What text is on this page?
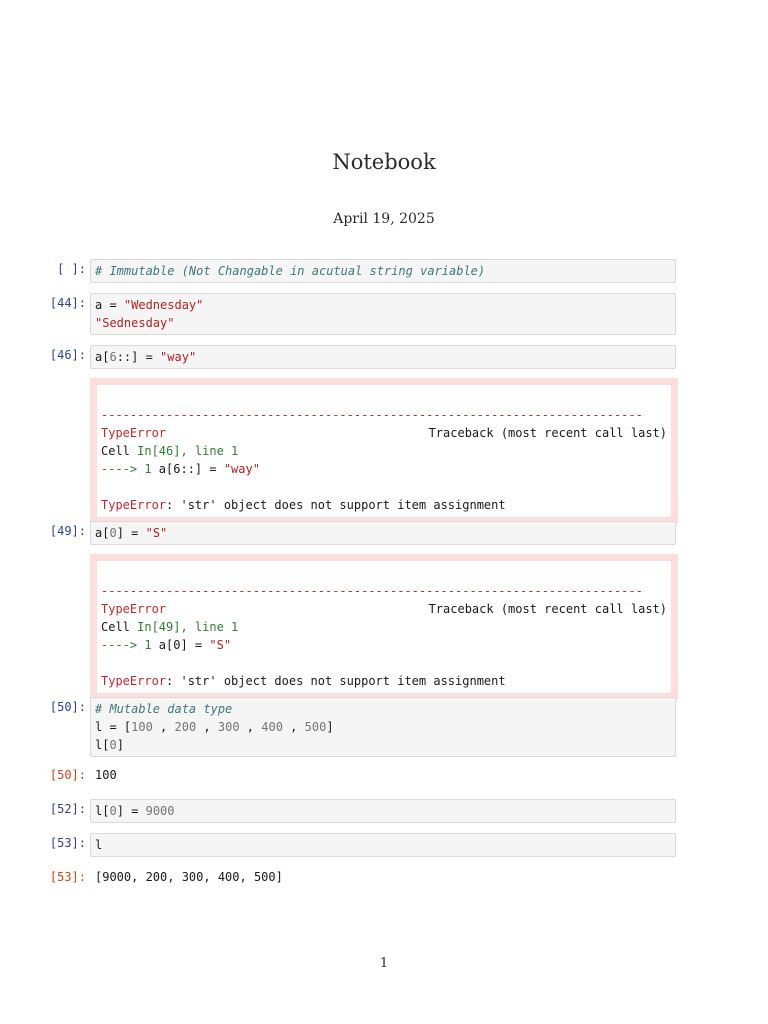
Notebook
April 19, 2025
[ ]: # Immutable (Not Changable in acutual string variable)
[44]: a = "Wednesday"
"Sednesday"
[46]: a[6::] = "way"

---------------------------------------------------------------------------
TypeError	Traceback (most recent call last)
Cell In[46], line 1
----> 1 a[6::] = "way"
TypeError: 'str' object does not support item assignment
[49]: a[0] = "S"

---------------------------------------------------------------------------
TypeError	Traceback (most recent call last)
Cell In[49], line 1
----> 1 a[0] = "S"
TypeError: 'str' object does not support item assignment
[50]: # Mutable data type
l = [100 , 200 , 300 , 400 , 500]
l[0]
[50]: 100
[52]: l[0] = 9000
[53]: l
[53]: [9000, 200, 300, 400, 500]
1
